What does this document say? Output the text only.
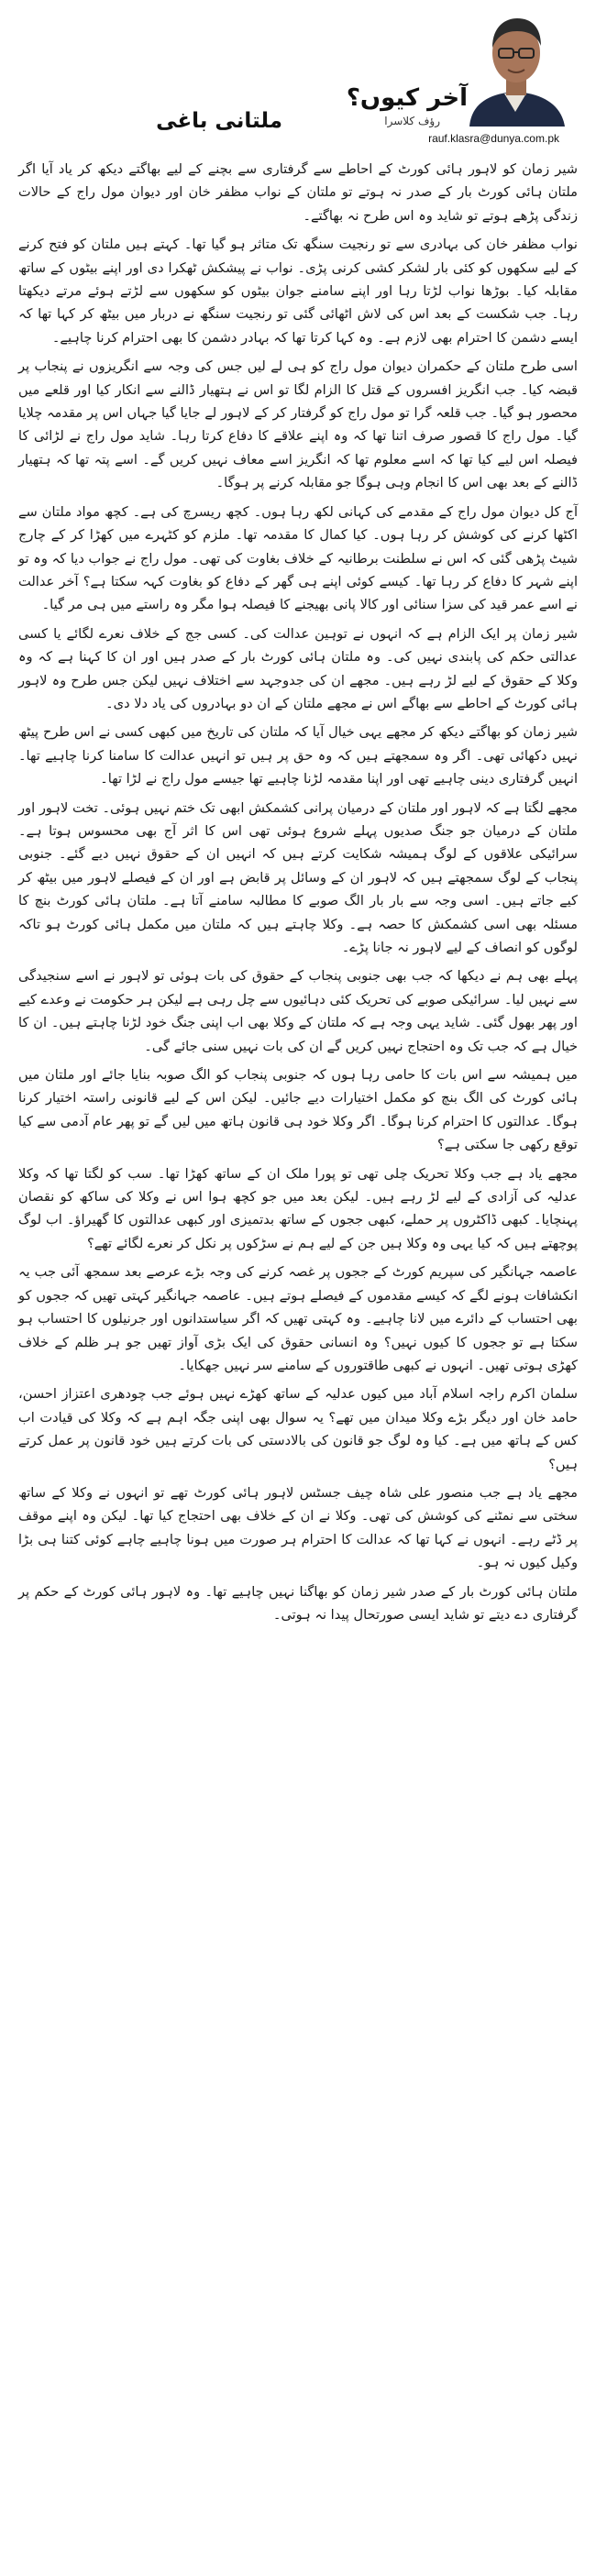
آخر کیوں؟
رؤف کلاسرا
ملتانی باغی
rauf.klasra@dunya.com.pk

شیر زمان کو لاہور ہائی کورٹ کے احاطے سے گرفتاری سے بچنے کے لیے بھاگتے دیکھ کر یاد آیا اگر ملتان ہائی کورٹ بار کے صدر نہ ہوتے تو ملتان کے نواب مظفر خان اور دیوان مول راج کے حالات زندگی پڑھے ہوتے تو شاید وہ اس طرح نہ بھاگتے۔

نواب مظفر خان کی بہادری سے تو رنجیت سنگھ تک متاثر ہو گیا تھا۔ کہتے ہیں ملتان کو فتح کرنے کے لیے سکھوں کو کئی بار لشکر کشی کرنی پڑی۔ نواب نے پیشکش ٹھکرا دی اور اپنے بیٹوں کے ساتھ مقابلہ کیا۔ بوڑھا نواب لڑتا رہا اور اپنے سامنے جوان بیٹوں کو سکھوں سے لڑتے ہوئے مرتے دیکھتا رہا۔ جب شکست کے بعد اس کی لاش اٹھائی گئی تو رنجیت سنگھ نے دربار میں بیٹھ کر کہا تھا کہ ایسے دشمن کا احترام بھی لازم ہے۔ وہ کہا کرتا تھا کہ بہادر دشمن کا بھی احترام کرنا چاہیے۔

اسی طرح ملتان کے حکمران دیوان مول راج کو ہی لے لیں جس کی وجہ سے انگریزوں نے پنجاب پر قبضہ کیا۔ جب انگریز افسروں کے قتل کا الزام لگا تو اس نے ہتھیار ڈالنے سے انکار کیا اور قلعے میں محصور ہو گیا۔ جب قلعہ گرا تو مول راج کو گرفتار کر کے لاہور لے جایا گیا جہاں اس پر مقدمہ چلایا گیا۔ مول راج کا قصور صرف اتنا تھا کہ وہ اپنے علاقے کا دفاع کرتا رہا۔ شاید مول راج نے لڑائی کا فیصلہ اس لیے کیا تھا کہ اسے معلوم تھا کہ انگریز اسے معاف نہیں کریں گے۔ اسے پتہ تھا کہ ہتھیار ڈالنے کے بعد بھی اس کا انجام وہی ہوگا جو مقابلہ کرنے پر ہوگا۔

آج کل دیوان مول راج کے مقدمے کی کہانی لکھ رہا ہوں۔ کچھ ریسرچ کی ہے۔ کچھ مواد ملتان سے اکٹھا کرنے کی کوشش کر رہا ہوں۔ کیا کمال کا مقدمہ تھا۔ ملزم کو کٹہرے میں کھڑا کر کے چارج شیٹ پڑھی گئی کہ اس نے سلطنت برطانیہ کے خلاف بغاوت کی تھی۔ مول راج نے جواب دیا کہ وہ تو اپنے شہر کا دفاع کر رہا تھا۔ کیسے کوئی اپنے ہی گھر کے دفاع کو بغاوت کہہ سکتا ہے؟ آخر عدالت نے اسے عمر قید کی سزا سنائی اور کالا پانی بھیجنے کا فیصلہ ہوا مگر وہ راستے میں ہی مر گیا۔

شیر زمان پر ایک الزام ہے کہ انہوں نے توہین عدالت کی۔ کسی جج کے خلاف نعرے لگائے یا کسی عدالتی حکم کی پابندی نہیں کی۔ وہ ملتان ہائی کورٹ بار کے صدر ہیں اور ان کا کہنا ہے کہ وہ وکلا کے حقوق کے لیے لڑ رہے ہیں۔ مجھے ان کی جدوجہد سے اختلاف نہیں لیکن جس طرح وہ لاہور ہائی کورٹ کے احاطے سے بھاگے اس نے مجھے ملتان کے ان دو بہادروں کی یاد دلا دی۔

شیر زمان کو بھاگتے دیکھ کر مجھے یہی خیال آیا کہ ملتان کی تاریخ میں کبھی کسی نے اس طرح پیٹھ نہیں دکھائی تھی۔ اگر وہ سمجھتے ہیں کہ وہ حق پر ہیں تو انہیں عدالت کا سامنا کرنا چاہیے تھا۔ انہیں گرفتاری دینی چاہیے تھی اور اپنا مقدمہ لڑنا چاہیے تھا جیسے مول راج نے لڑا تھا۔

مجھے لگتا ہے کہ لاہور اور ملتان کے درمیان پرانی کشمکش ابھی تک ختم نہیں ہوئی۔ تخت لاہور اور ملتان کے درمیان جو جنگ صدیوں پہلے شروع ہوئی تھی اس کا اثر آج بھی محسوس ہوتا ہے۔ سرائیکی علاقوں کے لوگ ہمیشہ شکایت کرتے ہیں کہ انہیں ان کے حقوق نہیں دیے گئے۔ جنوبی پنجاب کے لوگ سمجھتے ہیں کہ لاہور ان کے وسائل پر قابض ہے اور ان کے فیصلے لاہور میں بیٹھ کر کیے جاتے ہیں۔ اسی وجہ سے بار بار الگ صوبے کا مطالبہ سامنے آتا ہے۔ ملتان ہائی کورٹ بنچ کا مسئلہ بھی اسی کشمکش کا حصہ ہے۔ وکلا چاہتے ہیں کہ ملتان میں مکمل ہائی کورٹ ہو تاکہ لوگوں کو انصاف کے لیے لاہور نہ جانا پڑے۔

پہلے بھی ہم نے دیکھا کہ جب بھی جنوبی پنجاب کے حقوق کی بات ہوئی تو لاہور نے اسے سنجیدگی سے نہیں لیا۔ سرائیکی صوبے کی تحریک کئی دہائیوں سے چل رہی ہے لیکن ہر حکومت نے وعدے کیے اور پھر بھول گئی۔ شاید یہی وجہ ہے کہ ملتان کے وکلا بھی اب اپنی جنگ خود لڑنا چاہتے ہیں۔ ان کا خیال ہے کہ جب تک وہ احتجاج نہیں کریں گے ان کی بات نہیں سنی جائے گی۔

میں ہمیشہ سے اس بات کا حامی رہا ہوں کہ جنوبی پنجاب کو الگ صوبہ بنایا جائے اور ملتان میں ہائی کورٹ کی الگ بنچ کو مکمل اختیارات دیے جائیں۔ لیکن اس کے لیے قانونی راستہ اختیار کرنا ہوگا۔ عدالتوں کا احترام کرنا ہوگا۔ اگر وکلا خود ہی قانون ہاتھ میں لیں گے تو پھر عام آدمی سے کیا توقع رکھی جا سکتی ہے؟

مجھے یاد ہے جب وکلا تحریک چلی تھی تو پورا ملک ان کے ساتھ کھڑا تھا۔ سب کو لگتا تھا کہ وکلا عدلیہ کی آزادی کے لیے لڑ رہے ہیں۔ لیکن بعد میں جو کچھ ہوا اس نے وکلا کی ساکھ کو نقصان پہنچایا۔ کبھی ڈاکٹروں پر حملے، کبھی ججوں کے ساتھ بدتمیزی اور کبھی عدالتوں کا گھیراؤ۔ اب لوگ پوچھتے ہیں کہ کیا یہی وہ وکلا ہیں جن کے لیے ہم نے سڑکوں پر نکل کر نعرے لگائے تھے؟

عاصمہ جہانگیر کی سپریم کورٹ کے ججوں پر غصہ کرنے کی وجہ بڑے عرصے بعد سمجھ آئی جب یہ انکشافات ہونے لگے کہ کیسے مقدموں کے فیصلے ہوتے ہیں۔ عاصمہ جہانگیر کہتی تھیں کہ ججوں کو بھی احتساب کے دائرے میں لانا چاہیے۔ وہ کہتی تھیں کہ اگر سیاستدانوں اور جرنیلوں کا احتساب ہو سکتا ہے تو ججوں کا کیوں نہیں؟ وہ انسانی حقوق کی ایک بڑی آواز تھیں جو ہر ظلم کے خلاف کھڑی ہوتی تھیں۔ انہوں نے کبھی طاقتوروں کے سامنے سر نہیں جھکایا۔

سلمان اکرم راجہ اسلام آباد میں کیوں عدلیہ کے ساتھ کھڑے نہیں ہوئے جب چودھری اعتزاز احسن، حامد خان اور دیگر بڑے وکلا میدان میں تھے؟ یہ سوال بھی اپنی جگہ اہم ہے کہ وکلا کی قیادت اب کس کے ہاتھ میں ہے۔ کیا وہ لوگ جو قانون کی بالادستی کی بات کرتے ہیں خود قانون پر عمل کرتے ہیں؟

مجھے یاد ہے جب منصور علی شاہ چیف جسٹس لاہور ہائی کورٹ تھے تو انہوں نے وکلا کے ساتھ سختی سے نمٹنے کی کوشش کی تھی۔ وکلا نے ان کے خلاف بھی احتجاج کیا تھا۔ لیکن وہ اپنے موقف پر ڈٹے رہے۔ انہوں نے کہا تھا کہ عدالت کا احترام ہر صورت میں ہونا چاہیے چاہے کوئی کتنا ہی بڑا وکیل کیوں نہ ہو۔

ملتان ہائی کورٹ بار کے صدر شیر زمان کو بھاگنا نہیں چاہیے تھا۔ وہ لاہور ہائی کورٹ کے حکم پر گرفتاری دے دیتے تو شاید ایسی صورتحال پیدا نہ ہوتی۔
